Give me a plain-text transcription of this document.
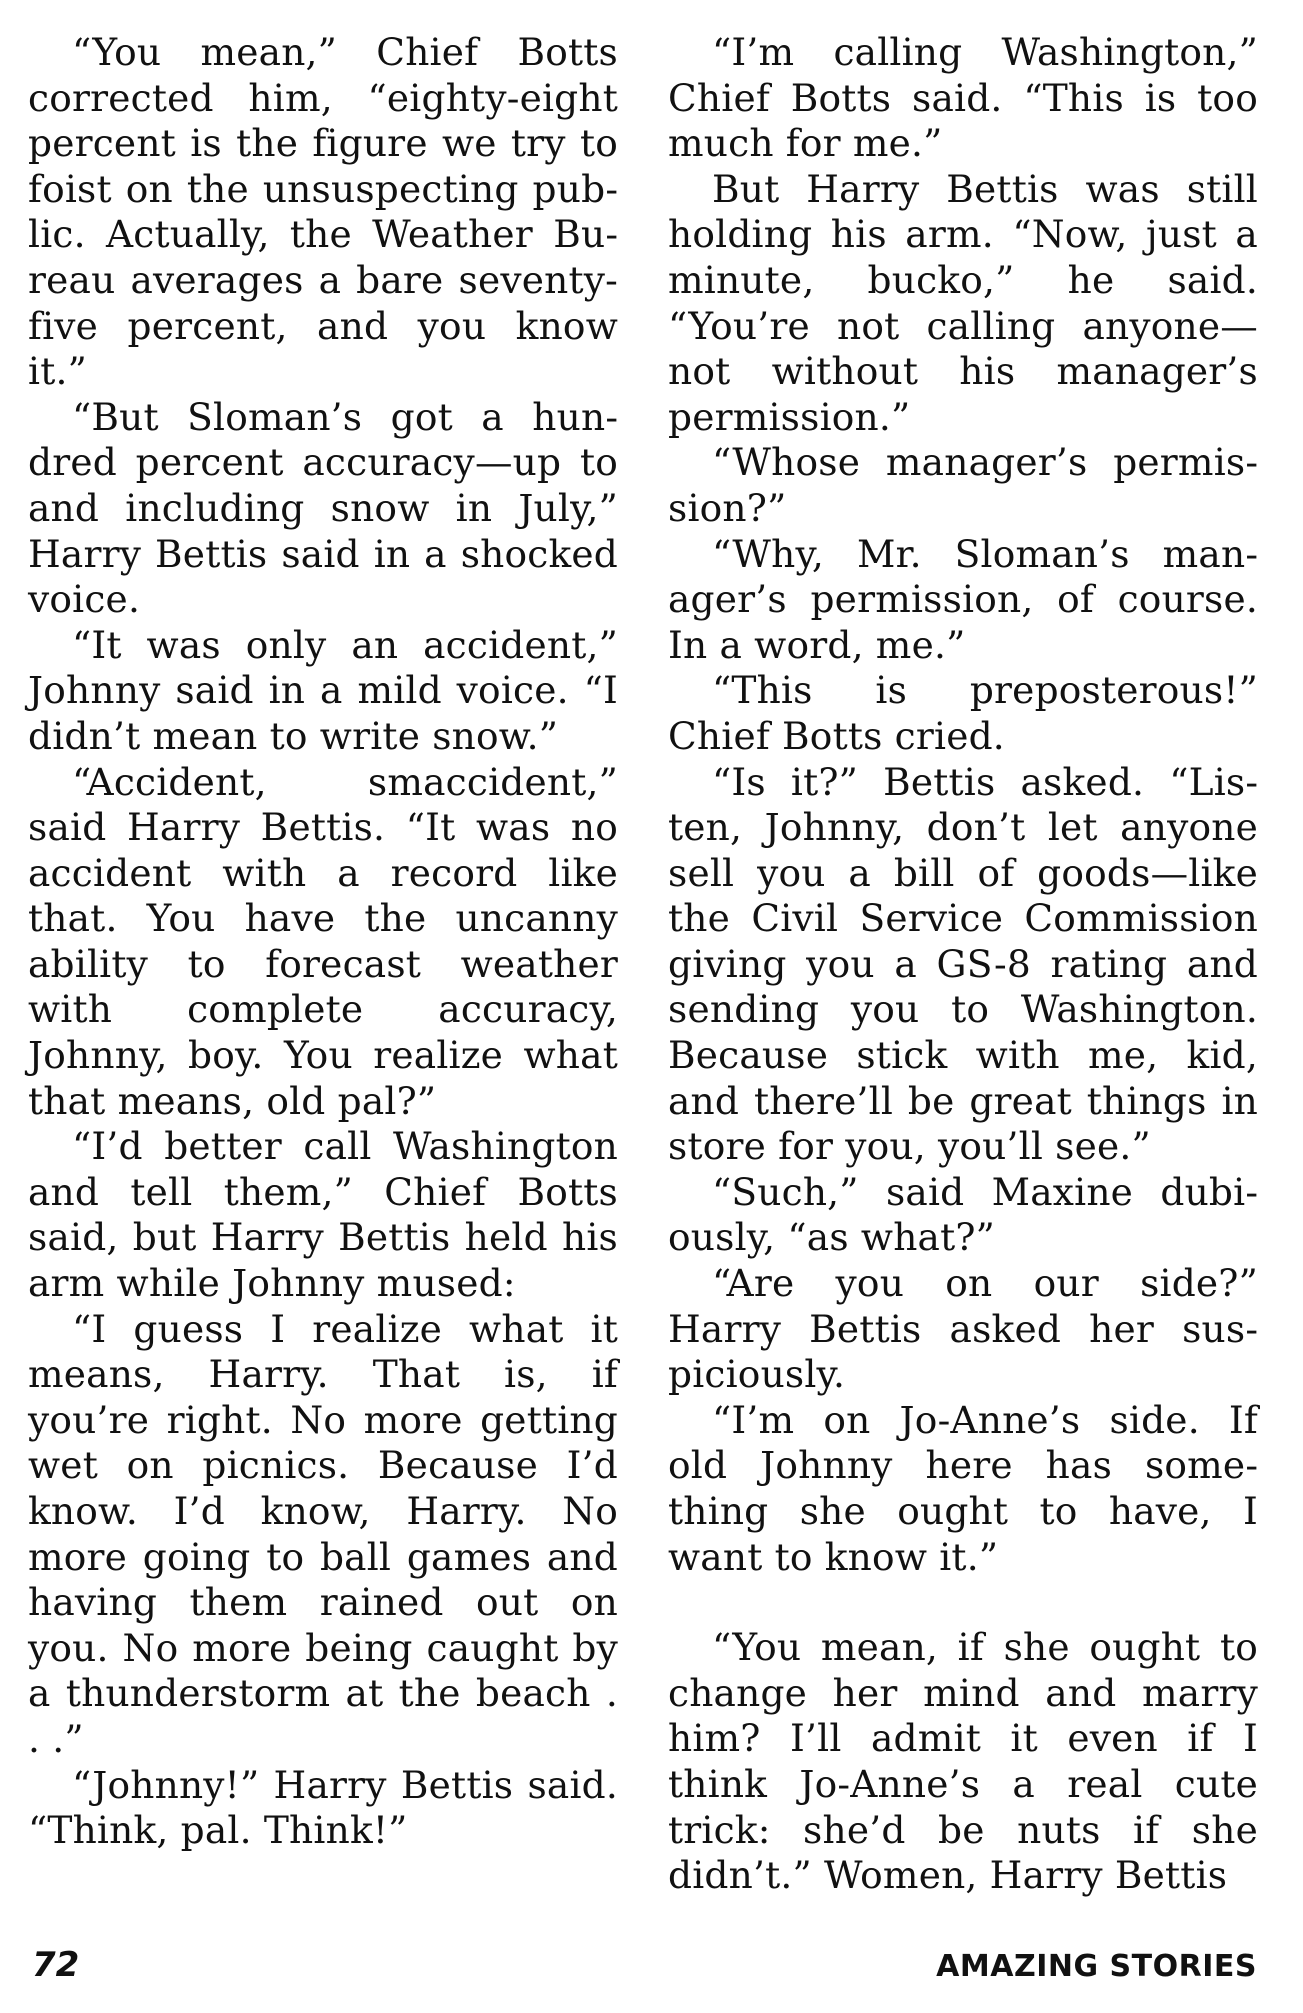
“You mean,” Chief Botts corrected him, “eighty-eight percent is the figure we try to foist on the unsuspecting public. Actually, the Weather Bureau averages a bare seventy-five percent, and you know it.”

“But Sloman’s got a hundred percent accuracy—up to and including snow in July,” Harry Bettis said in a shocked voice.

“It was only an accident,” Johnny said in a mild voice. “I didn’t mean to write snow.”

“Accident, smaccident,” said Harry Bettis. “It was no accident with a record like that. You have the uncanny ability to forecast weather with complete accuracy, Johnny, boy. You realize what that means, old pal?”

“I’d better call Washington and tell them,” Chief Botts said, but Harry Bettis held his arm while Johnny mused:

“I guess I realize what it means, Harry. That is, if you’re right. No more getting wet on picnics. Because I’d know. I’d know, Harry. No more going to ball games and having them rained out on you. No more being caught by a thunderstorm at the beach . . .”

“Johnny!” Harry Bettis said. “Think, pal. Think!”

“I’m calling Washington,” Chief Botts said. “This is too much for me.”

But Harry Bettis was still holding his arm. “Now, just a minute, bucko,” he said. “You’re not calling anyone—not without his manager’s permission.”

“Whose manager’s permission?”

“Why, Mr. Sloman’s manager’s permission, of course. In a word, me.”

“This is preposterous!” Chief Botts cried.

“Is it?” Bettis asked. “Listen, Johnny, don’t let anyone sell you a bill of goods—like the Civil Service Commission giving you a GS-8 rating and sending you to Washington. Because stick with me, kid, and there’ll be great things in store for you, you’ll see.”

“Such,” said Maxine dubiously, “as what?”

“Are you on our side?” Harry Bettis asked her suspiciously.

“I’m on Jo-Anne’s side. If old Johnny here has something she ought to have, I want to know it.”

“You mean, if she ought to change her mind and marry him? I’ll admit it even if I think Jo-Anne’s a real cute trick: she’d be nuts if she didn’t.” Women, Harry Bettis

72	AMAZING STORIES
